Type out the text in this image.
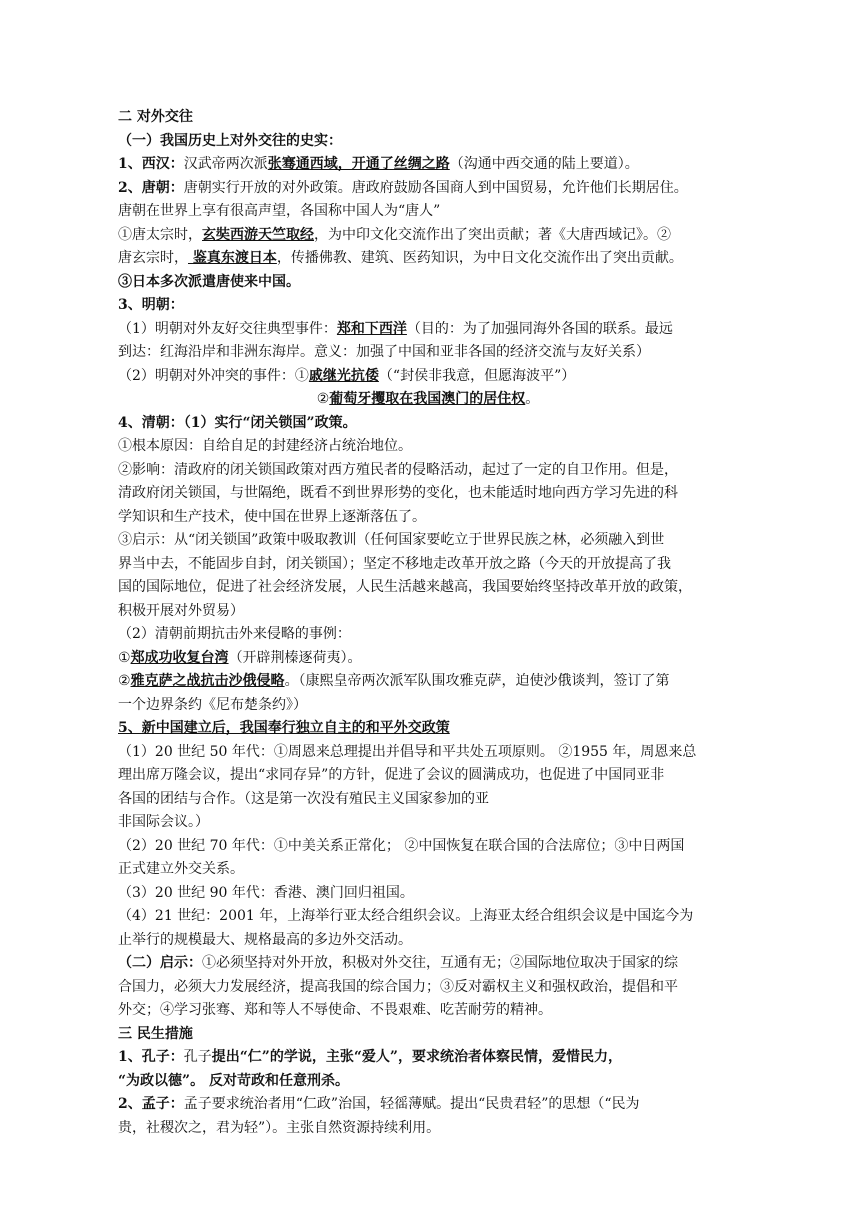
二 对外交往
（一）我国历史上对外交往的史实：
1、西汉：汉武帝两次派张骞通西域，开通了丝绸之路（沟通中西交通的陆上要道）。
2、唐朝：唐朝实行开放的对外政策。唐政府鼓励各国商人到中国贸易，允许他们长期居住。
唐朝在世界上享有很高声望，各国称中国人为“唐人”
①唐太宗时，玄奘西游天竺取经，为中印文化交流作出了突出贡献；著《大唐西域记》。②
唐玄宗时， 鉴真东渡日本，传播佛教、建筑、医药知识，为中日文化交流作出了突出贡献。
③日本多次派遣唐使来中国。
3、明朝：
（1）明朝对外友好交往典型事件：郑和下西洋（目的：为了加强同海外各国的联系。最远
到达：红海沿岸和非洲东海岸。意义：加强了中国和亚非各国的经济交流与友好关系）
（2）明朝对外冲突的事件：①戚继光抗倭（“封侯非我意，但愿海波平”）
②葡萄牙攫取在我国澳门的居住权。
4、清朝：（1）实行“闭关锁国”政策。
①根本原因：自给自足的封建经济占统治地位。
②影响：清政府的闭关锁国政策对西方殖民者的侵略活动，起过了一定的自卫作用。但是，
清政府闭关锁国，与世隔绝，既看不到世界形势的变化，也未能适时地向西方学习先进的科
学知识和生产技术，使中国在世界上逐渐落伍了。
③启示：从“闭关锁国”政策中吸取教训（任何国家要屹立于世界民族之林，必须融入到世
界当中去，不能固步自封，闭关锁国）；坚定不移地走改革开放之路（今天的开放提高了我
国的国际地位，促进了社会经济发展，人民生活越来越高，我国要始终坚持改革开放的政策，
积极开展对外贸易）
（2）清朝前期抗击外来侵略的事例：
①郑成功收复台湾（开辟荆榛逐荷夷）。
②雅克萨之战抗击沙俄侵略。（康熙皇帝两次派军队围攻雅克萨，迫使沙俄谈判，签订了第
一个边界条约《尼布楚条约》）
5、新中国建立后，我国奉行独立自主的和平外交政策
（1）20 世纪 50 年代：①周恩来总理提出并倡导和平共处五项原则。 ②1955 年，周恩来总
理出席万隆会议，提出“求同存异”的方针，促进了会议的圆满成功，也促进了中国同亚非
各国的团结与合作。（这是第一次没有殖民主义国家参加的亚
非国际会议。）
（2）20 世纪 70 年代：①中美关系正常化； ②中国恢复在联合国的合法席位；③中日两国
正式建立外交关系。
（3）20 世纪 90 年代：香港、澳门回归祖国。
（4）21 世纪：2001 年，上海举行亚太经合组织会议。上海亚太经合组织会议是中国迄今为
止举行的规模最大、规格最高的多边外交活动。
（二）启示：①必须坚持对外开放，积极对外交往，互通有无；②国际地位取决于国家的综
合国力，必须大力发展经济，提高我国的综合国力；③反对霸权主义和强权政治，提倡和平
外交；④学习张骞、郑和等人不辱使命、不畏艰难、吃苦耐劳的精神。
三 民生措施
1、孔子：孔子提出“仁”的学说，主张“爱人”，要求统治者体察民情，爱惜民力，
“为政以德”。 反对苛政和任意刑杀。
2、孟子：孟子要求统治者用“仁政”治国，轻徭薄赋。提出“民贵君轻”的思想（“民为
贵，社稷次之，君为轻”）。主张自然资源持续利用。
